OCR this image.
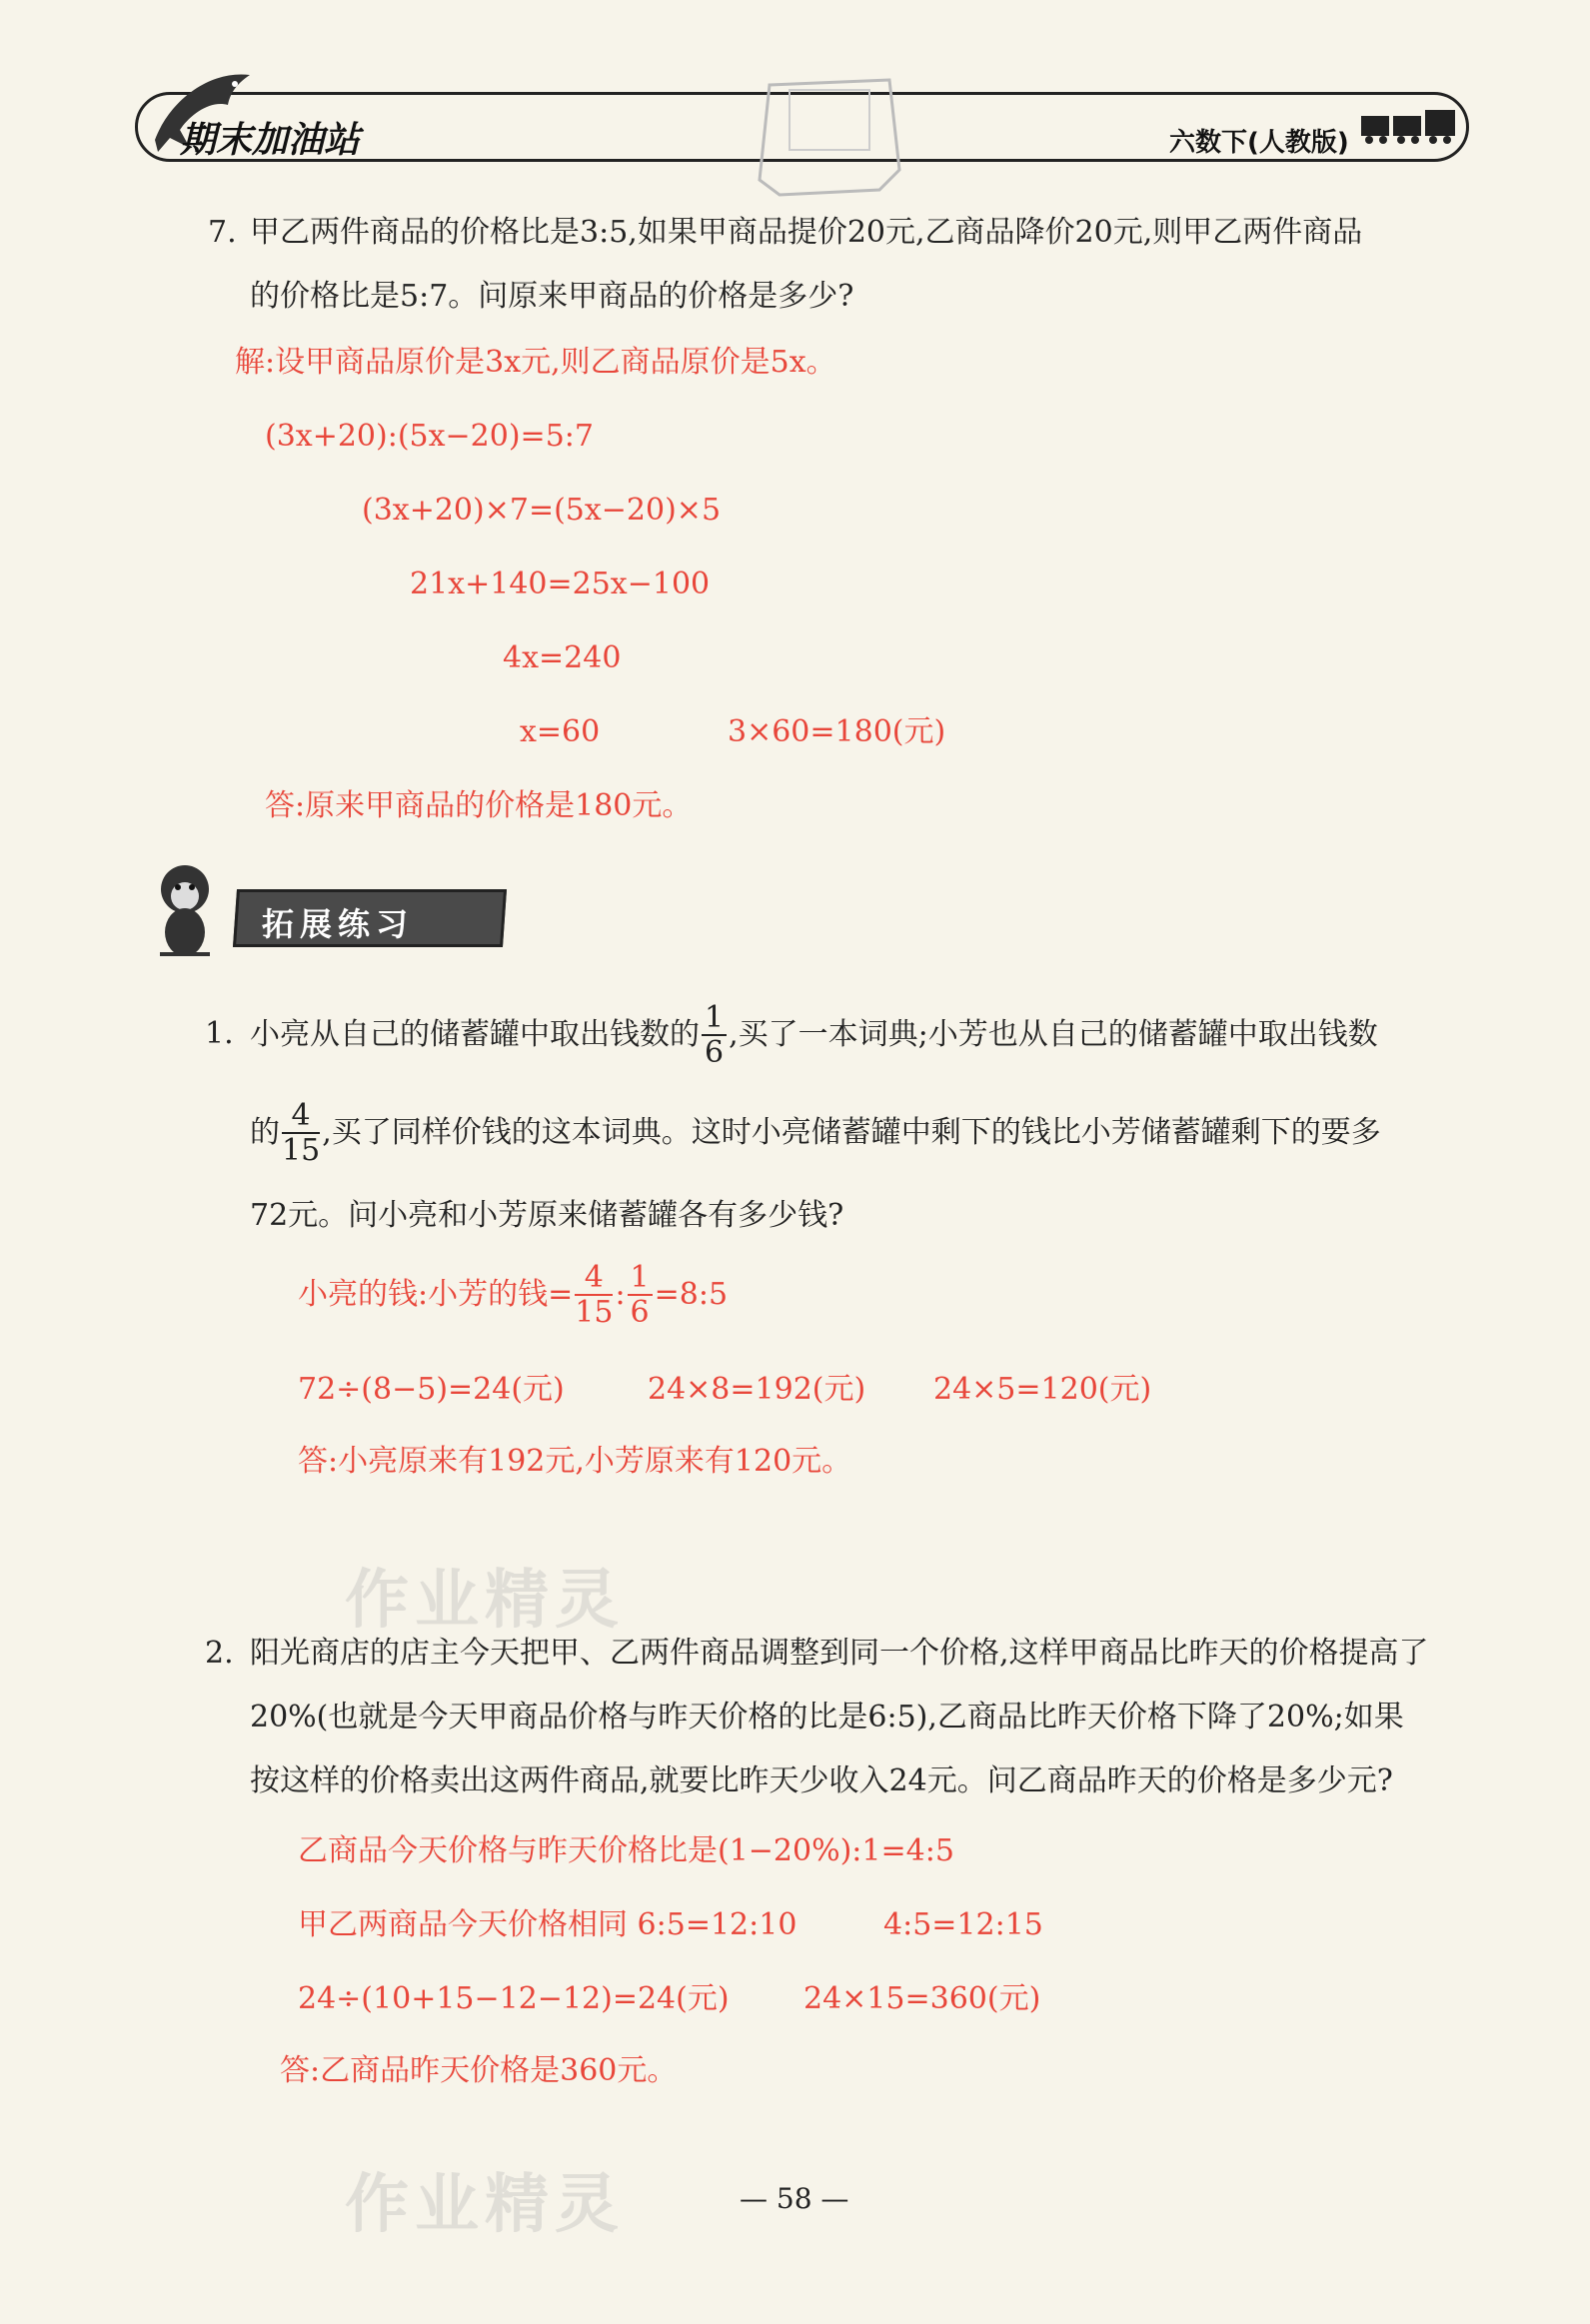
期末加油站	六数下(人教版)
7. 甲乙两件商品的价格比是3:5,如果甲商品提价20元,乙商品降价20元,则甲乙两件商品
的价格比是5:7。问原来甲商品的价格是多少?
解:设甲商品原价是3x元,则乙商品原价是5x。
(3x+20):(5x−20)=5:7
(3x+20)×7=(5x−20)×5
21x+140=25x−100
4x=240
x=60	3×60=180(元)
答:原来甲商品的价格是180元。
拓展练习
1. 小亮从自己的储蓄罐中取出钱数的 $\frac{1}{6}$ ,买了一本词典;小芳也从自己的储蓄罐中取出钱数
的 $\frac{4}{15}$ ,买了同样价钱的这本词典。这时小亮储蓄罐中剩下的钱比小芳储蓄罐剩下的要多
72元。问小亮和小芳原来储蓄罐各有多少钱?
小亮的钱:小芳的钱= $\frac{4}{15}$ : $\frac{1}{6}$ =8:5
72÷(8−5)=24(元)	24×8=192(元) 24×5=120(元)
答:小亮原来有192元,小芳原来有120元。
作业精灵
2. 阳光商店的店主今天把甲、乙两件商品调整到同一个价格,这样甲商品比昨天的价格提高了
20%(也就是今天甲商品价格与昨天价格的比是6:5),乙商品比昨天价格下降了20%;如果
按这样的价格卖出这两件商品,就要比昨天少收入24元。问乙商品昨天的价格是多少元?
乙商品今天价格与昨天价格比是(1−20%):1=4:5
甲乙两商品今天价格相同 6:5=12:10	4:5=12:15
24÷(10+15−12−12)=24(元) 24×15=360(元)
答:乙商品昨天价格是360元。
作业精灵	— 58 —
